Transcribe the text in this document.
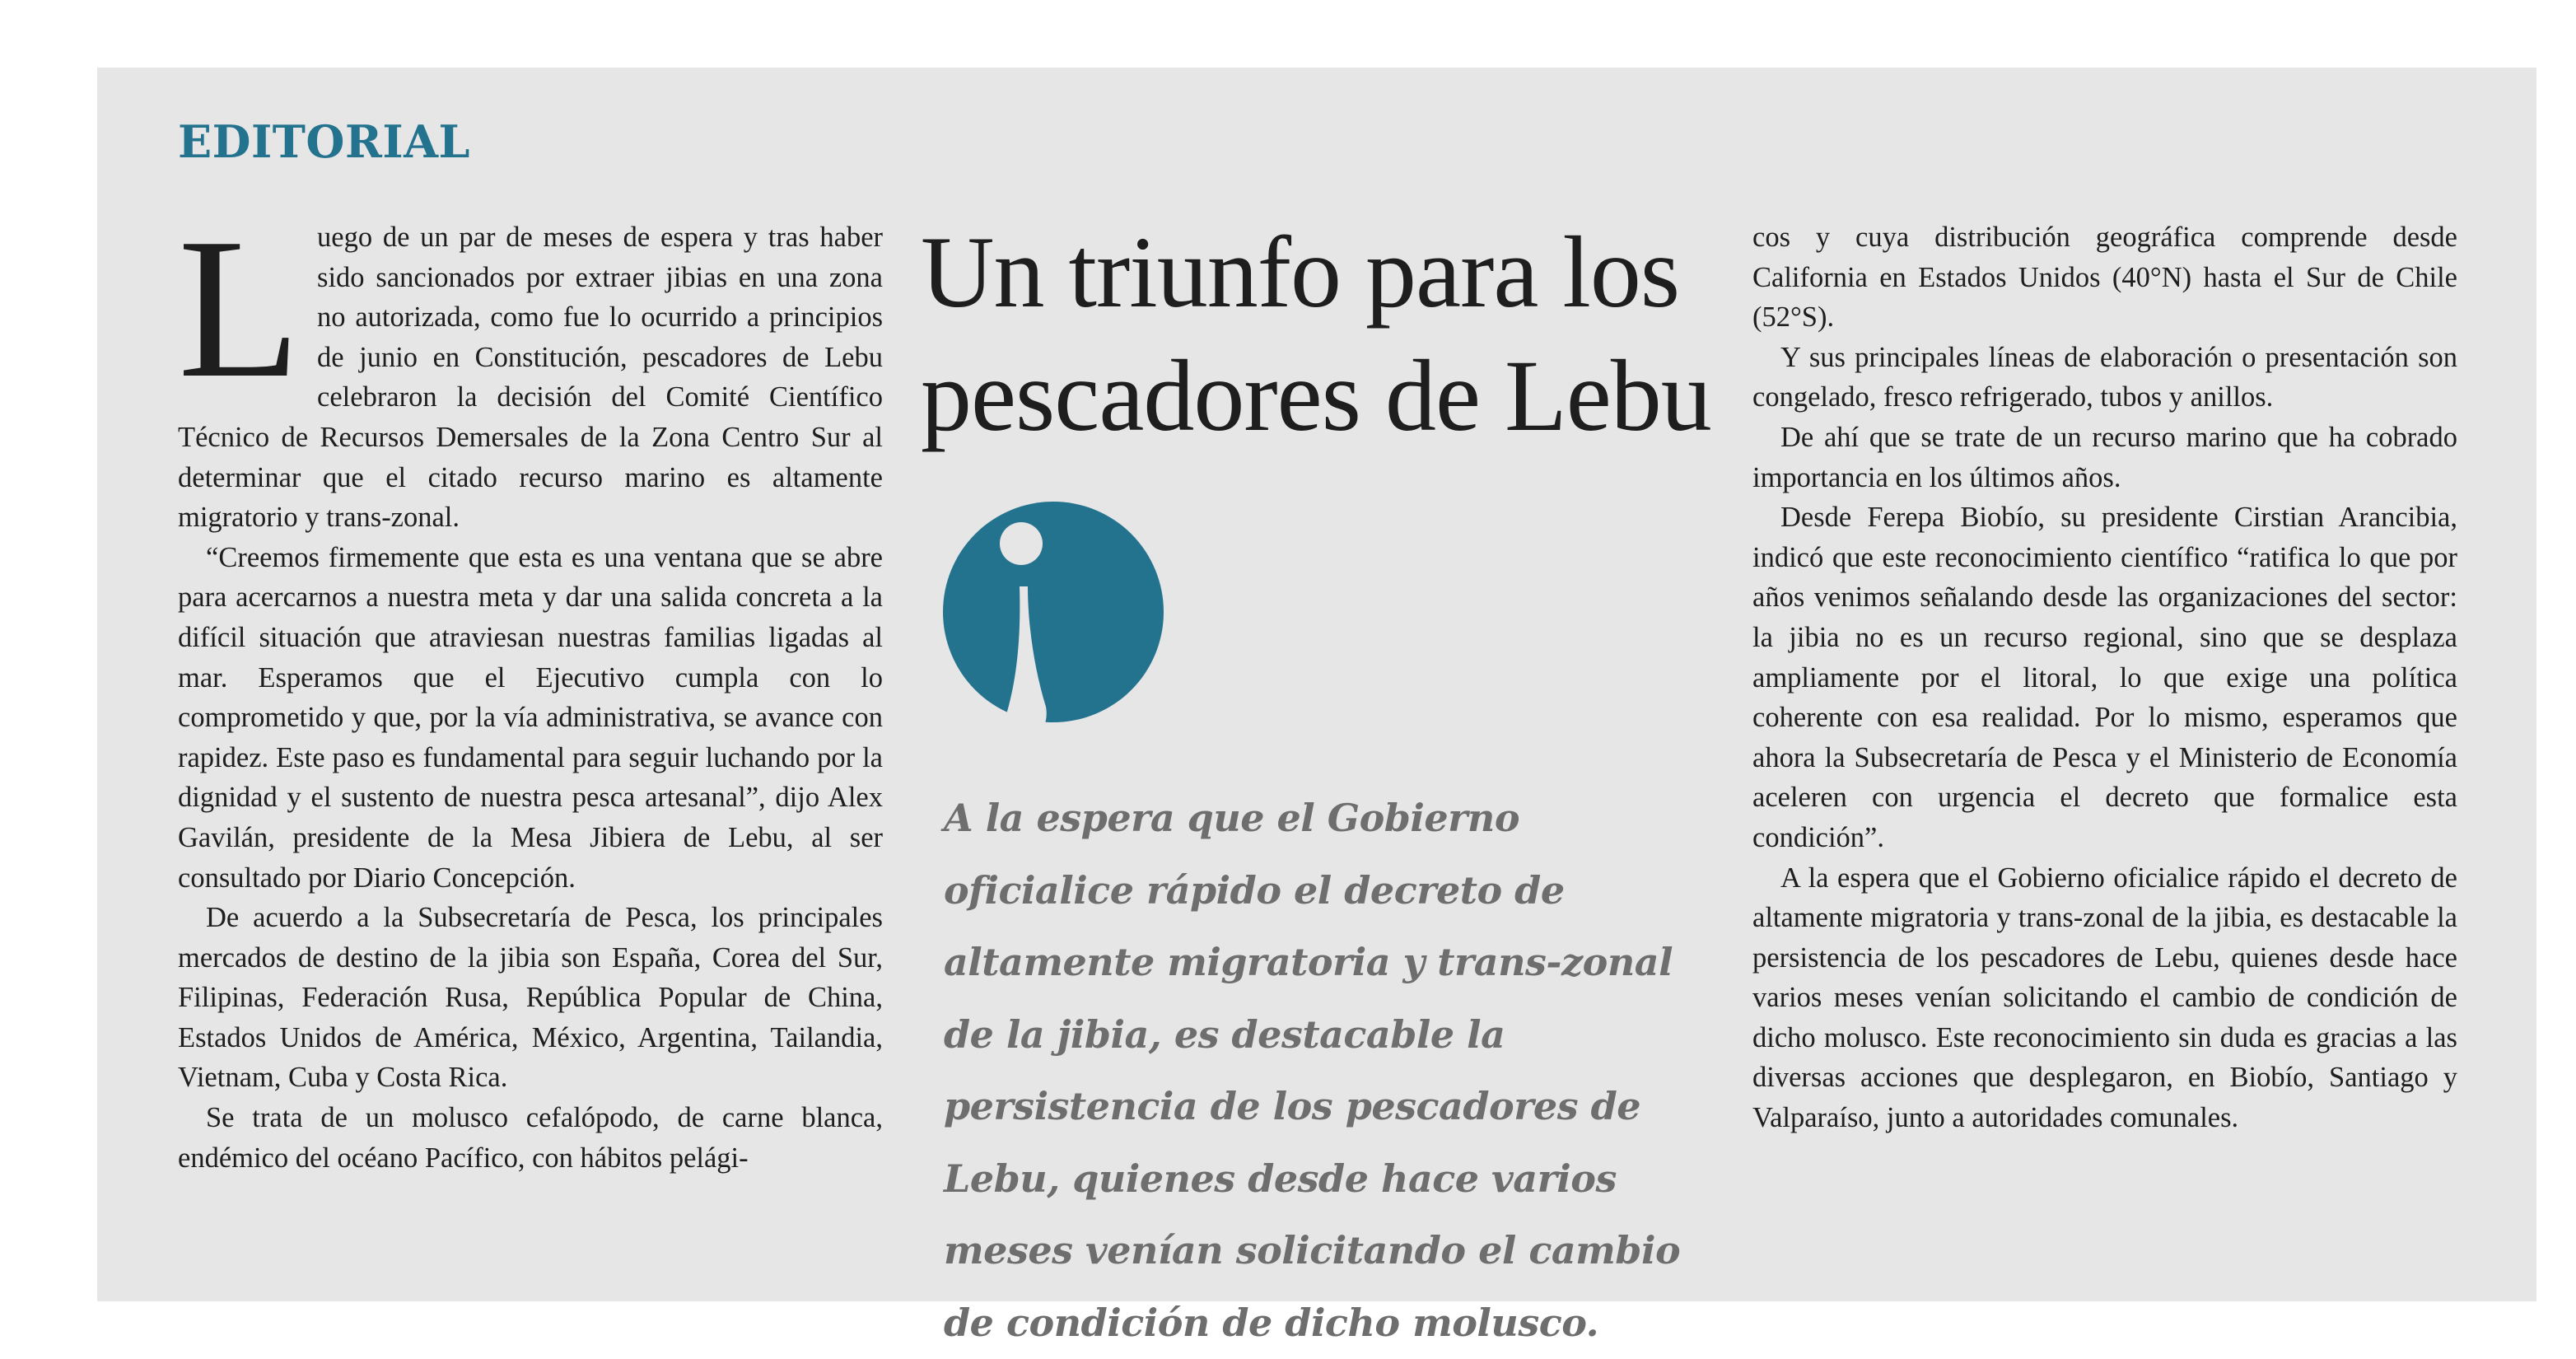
EDITORIAL

Luego de un par de meses de espera y tras haber sido sancionados por extraer jibias en una zona no autorizada, como fue lo ocurrido a principios de junio en Constitución, pescadores de Lebu celebraron la decisión del Comité Científico Técnico de Recursos Demersales de la Zona Centro Sur al determinar que el citado recurso marino es altamente migratorio y trans-zonal.

“Creemos firmemente que esta es una ventana que se abre para acercarnos a nuestra meta y dar una salida concreta a la difícil situación que atraviesan nuestras familias ligadas al mar. Esperamos que el Ejecutivo cumpla con lo comprometido y que, por la vía administrativa, se avance con rapidez. Este paso es fundamental para seguir luchando por la dignidad y el sustento de nuestra pesca artesanal”, dijo Alex Gavilán, presidente de la Mesa Jibiera de Lebu, al ser consultado por Diario Concepción.

De acuerdo a la Subsecretaría de Pesca, los principales mercados de destino de la jibia son España, Corea del Sur, Filipinas, Federación Rusa, República Popular de China, Estados Unidos de América, México, Argentina, Tailandia, Vietnam, Cuba y Costa Rica.

Se trata de un molusco cefalópodo, de carne blanca, endémico del océano Pacífico, con hábitos pelági-

Un triunfo para los pescadores de Lebu

A la espera que el Gobierno oficialice rápido el decreto de altamente migratoria y trans-zonal de la jibia, es destacable la persistencia de los pescadores de Lebu, quienes desde hace varios meses venían solicitando el cambio de condición de dicho molusco.

cos y cuya distribución geográfica comprende desde California en Estados Unidos (40°N) hasta el Sur de Chile (52°S).

Y sus principales líneas de elaboración o presentación son congelado, fresco refrigerado, tubos y anillos.

De ahí que se trate de un recurso marino que ha cobrado importancia en los últimos años.

Desde Ferepa Biobío, su presidente Cirstian Arancibia, indicó que este reconocimiento científico “ratifica lo que por años venimos señalando desde las organizaciones del sector: la jibia no es un recurso regional, sino que se desplaza ampliamente por el litoral, lo que exige una política coherente con esa realidad. Por lo mismo, esperamos que ahora la Subsecretaría de Pesca y el Ministerio de Economía aceleren con urgencia el decreto que formalice esta condición”.

A la espera que el Gobierno oficialice rápido el decreto de altamente migratoria y trans-zonal de la jibia, es destacable la persistencia de los pescadores de Lebu, quienes desde hace varios meses venían solicitando el cambio de condición de dicho molusco. Este reconocimiento sin duda es gracias a las diversas acciones que desplegaron, en Biobío, Santiago y Valparaíso, junto a autoridades comunales.
